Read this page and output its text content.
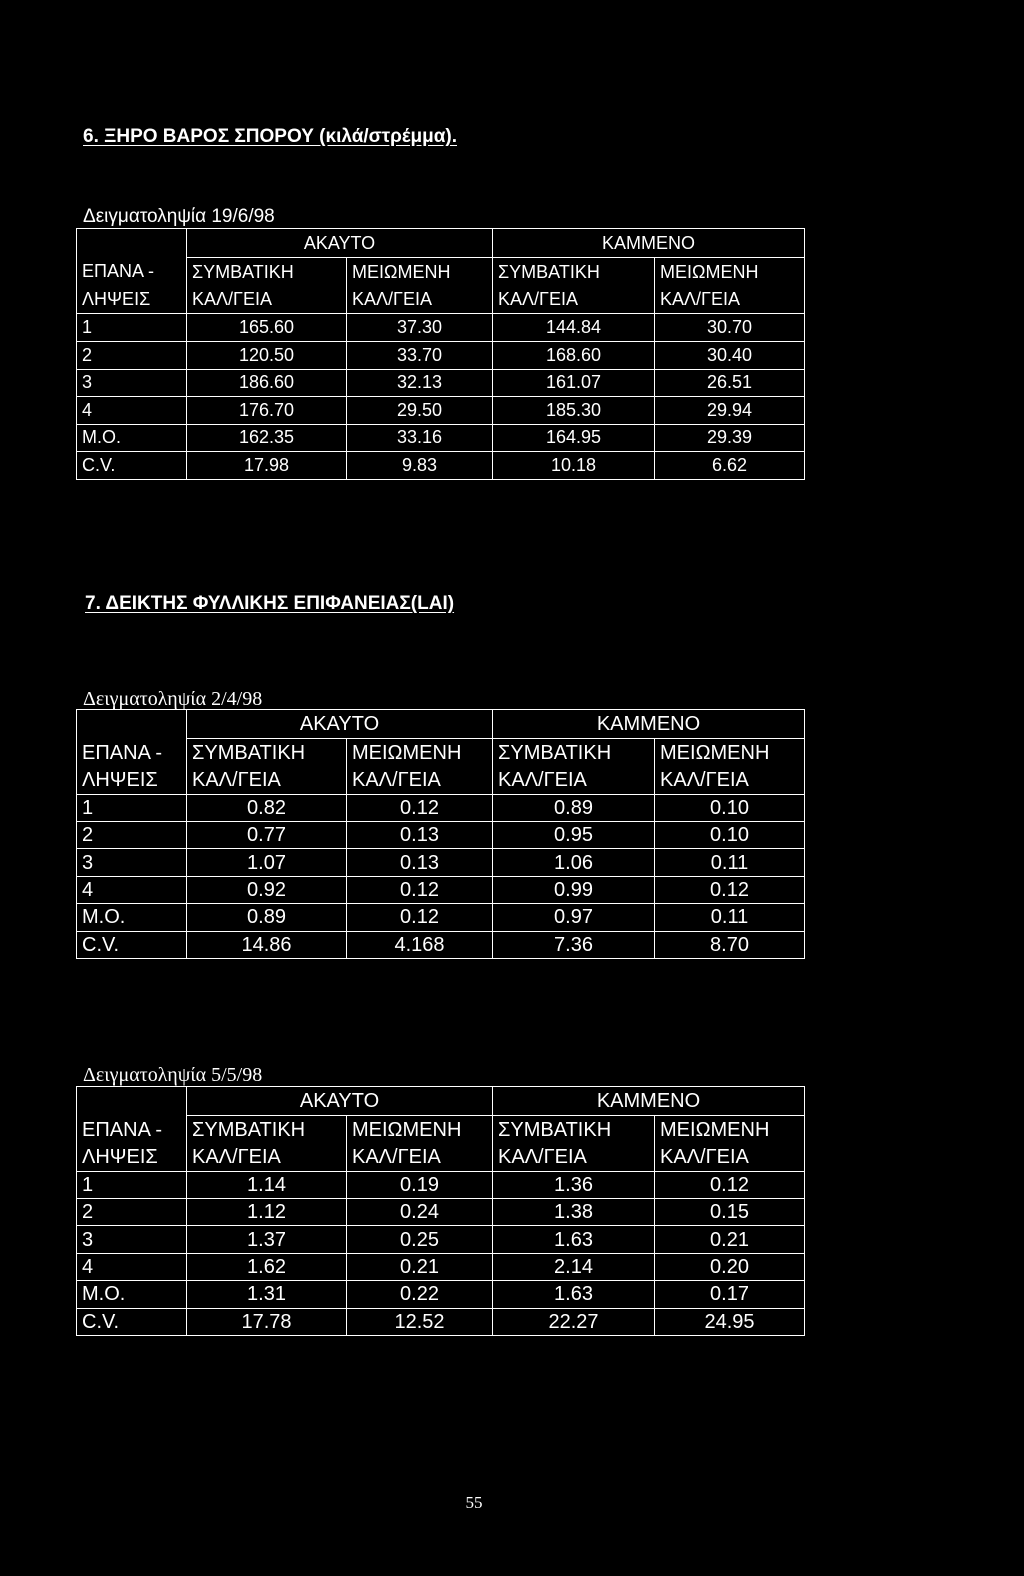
6. ΞΗΡΟ ΒΑΡΟΣ ΣΠΟΡΟΥ (κιλά/στρέμμα).
Δειγματοληψία 19/6/98
	ΑΚΑΥΤΟ		ΚΑΜΜΕΝΟ	
ΕΠΑΝΑ -	ΣΥΜΒΑΤΙΚΗ	ΜΕΙΩΜΕΝΗ	ΣΥΜΒΑΤΙΚΗ	ΜΕΙΩΜΕΝΗ
ΛΗΨΕΙΣ	ΚΑΛ/ΓΕΙΑ	ΚΑΛ/ΓΕΙΑ	ΚΑΛ/ΓΕΙΑ	ΚΑΛ/ΓΕΙΑ
1	165.60	37.30	144.84	30.70
2	120.50	33.70	168.60	30.40
3	186.60	32.13	161.07	26.51
4	176.70	29.50	185.30	29.94
Μ.Ο.	162.35	33.16	164.95	29.39
C.V.	17.98	9.83	10.18	6.62
7. ΔΕΙΚΤΗΣ ΦΥΛΛΙΚΗΣ ΕΠΙΦΑΝΕΙΑΣ(LAI)
Δειγματοληψία 2/4/98
	ΑΚΑΥΤΟ		ΚΑΜΜΕΝΟ	
ΕΠΑΝΑ -	ΣΥΜΒΑΤΙΚΗ	ΜΕΙΩΜΕΝΗ	ΣΥΜΒΑΤΙΚΗ	ΜΕΙΩΜΕΝΗ
ΛΗΨΕΙΣ	ΚΑΛ/ΓΕΙΑ	ΚΑΛ/ΓΕΙΑ	ΚΑΛ/ΓΕΙΑ	ΚΑΛ/ΓΕΙΑ
1	0.82	0.12	0.89	0.10
2	0.77	0.13	0.95	0.10
3	1.07	0.13	1.06	0.11
4	0.92	0.12	0.99	0.12
Μ.Ο.	0.89	0.12	0.97	0.11
C.V.	14.86	4.168	7.36	8.70
Δειγματοληψία 5/5/98
	ΑΚΑΥΤΟ		ΚΑΜΜΕΝΟ	
ΕΠΑΝΑ -	ΣΥΜΒΑΤΙΚΗ	ΜΕΙΩΜΕΝΗ	ΣΥΜΒΑΤΙΚΗ	ΜΕΙΩΜΕΝΗ
ΛΗΨΕΙΣ	ΚΑΛ/ΓΕΙΑ	ΚΑΛ/ΓΕΙΑ	ΚΑΛ/ΓΕΙΑ	ΚΑΛ/ΓΕΙΑ
1	1.14	0.19	1.36	0.12
2	1.12	0.24	1.38	0.15
3	1.37	0.25	1.63	0.21
4	1.62	0.21	2.14	0.20
Μ.Ο.	1.31	0.22	1.63	0.17
C.V.	17.78	12.52	22.27	24.95
55
